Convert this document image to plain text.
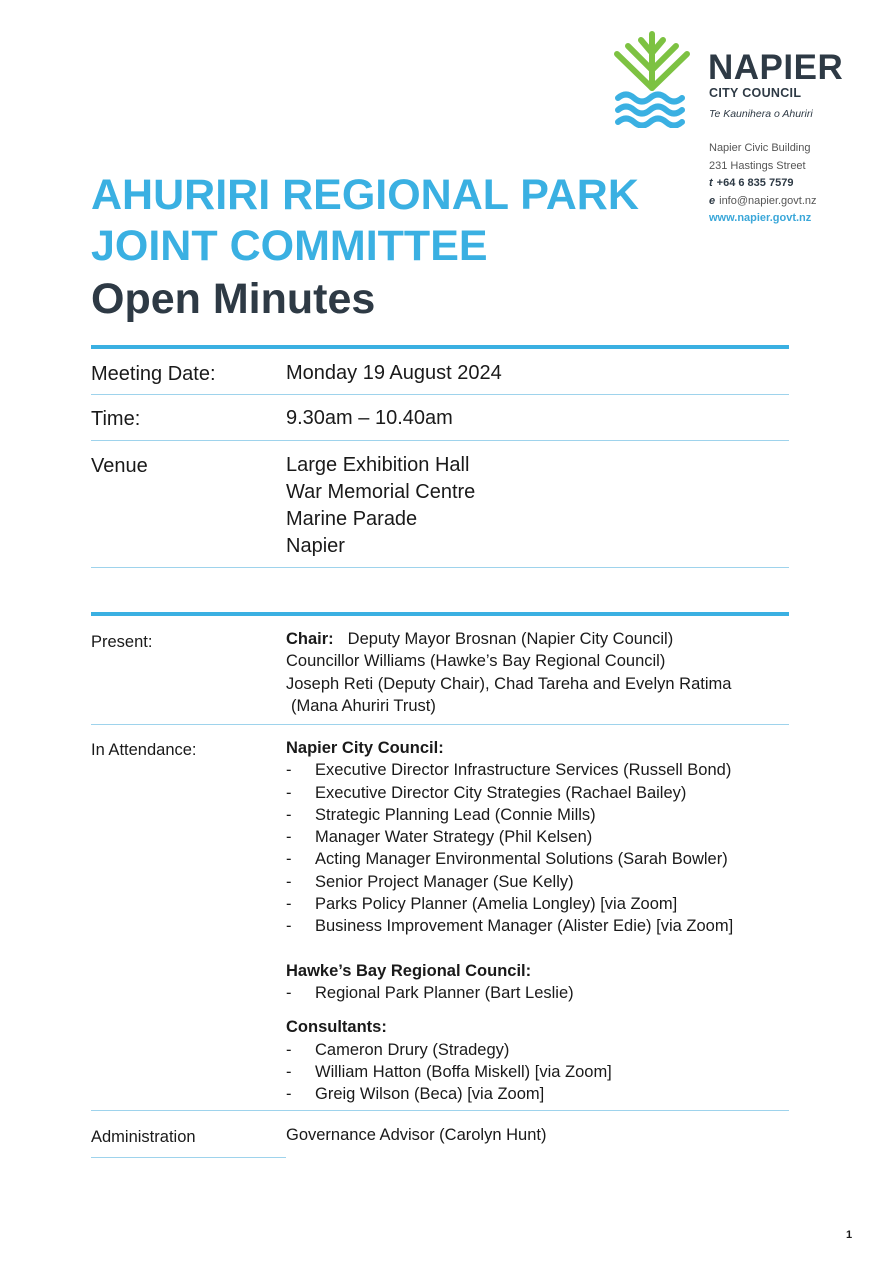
NAPIER
CITY COUNCIL
Te Kaunihera o Ahuriri
Napier Civic Building
231 Hastings Street
t +64 6 835 7579
e info@napier.govt.nz
www.napier.govt.nz
AHURIRI REGIONAL PARK
JOINT COMMITTEE
Open Minutes
Meeting Date:	Monday 19 August 2024
Time:	9.30am – 10.40am
Venue	Large Exhibition Hall
War Memorial Centre
Marine Parade
Napier
Present:	Chair: Deputy Mayor Brosnan (Napier City Council)
Councillor Williams (Hawke’s Bay Regional Council)
Joseph Reti (Deputy Chair), Chad Tareha and Evelyn Ratima
(Mana Ahuriri Trust)
In Attendance:	Napier City Council:
-	Executive Director Infrastructure Services (Russell Bond)
-	Executive Director City Strategies (Rachael Bailey)
-	Strategic Planning Lead (Connie Mills)
-	Manager Water Strategy (Phil Kelsen)
-	Acting Manager Environmental Solutions (Sarah Bowler)
-	Senior Project Manager (Sue Kelly)
-	Parks Policy Planner (Amelia Longley) [via Zoom]
-	Business Improvement Manager (Alister Edie) [via Zoom]
Hawke’s Bay Regional Council:
-	Regional Park Planner (Bart Leslie)
Consultants:
-	Cameron Drury (Stradegy)
-	William Hatton (Boffa Miskell) [via Zoom]
-	Greig Wilson (Beca) [via Zoom]
Administration	Governance Advisor (Carolyn Hunt)
1
